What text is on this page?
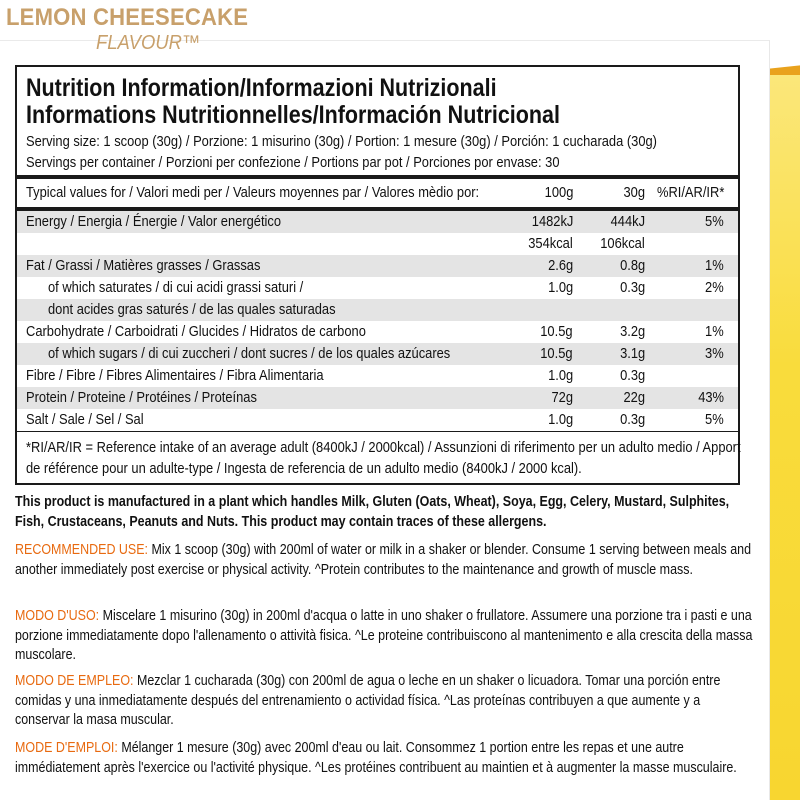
LEMON CHEESECAKE
FLAVOUR™
Nutrition Information/Informazioni Nutrizionali
Informations Nutritionnelles/Información Nutricional
Serving size: 1 scoop (30g) / Porzione: 1 misurino (30g) / Portion: 1 mesure (30g) / Porción: 1 cucharada (30g)
Servings per container / Porzioni per confezione / Portions par pot / Porciones por envase: 30
Typical values for / Valori medi per / Valeurs moyennes par / Valores mèdio por:	100g	30g %RI/AR/IR*
Energy / Energia / Énergie / Valor energético	1482kJ	444kJ	5%
354kcal 106kcal
Fat / Grassi / Matières grasses / Grassas	2.6g	0.8g	1%
of which saturates / di cui acidi grassi saturi /	1.0g	0.3g	2%
dont acides gras saturés / de las quales saturadas
Carbohydrate / Carboidrati / Glucides / Hidratos de carbono	10.5g	3.2g	1%
of which sugars / di cui zuccheri / dont sucres / de los quales azúcares	10.5g	3.1g	3%
Fibre / Fibre / Fibres Alimentaires / Fibra Alimentaria	1.0g	0.3g
Protein / Proteine / Protéines / Proteínas	72g	22g	43%
Salt / Sale / Sel / Sal	1.0g	0.3g	5%
*RI/AR/IR = Reference intake of an average adult (8400kJ / 2000kcal) / Assunzioni di riferimento per un adulto medio / Apport de référence pour un adulte-type / Ingesta de referencia de un adulto medio (8400kJ / 2000 kcal).
This product is manufactured in a plant which handles Milk, Gluten (Oats, Wheat), Soya, Egg, Celery, Mustard, Sulphites, Fish, Crustaceans, Peanuts and Nuts. This product may contain traces of these allergens.
RECOMMENDED USE: Mix 1 scoop (30g) with 200ml of water or milk in a shaker or blender. Consume 1 serving between meals and another immediately post exercise or physical activity. ^Protein contributes to the maintenance and growth of muscle mass.
MODO D'USO: Miscelare 1 misurino (30g) in 200ml d'acqua o latte in uno shaker o frullatore. Assumere una porzione tra i pasti e una porzione immediatamente dopo l'allenamento o attività fisica. ^Le proteine contribuiscono al mantenimento e alla crescita della massa muscolare.
MODO DE EMPLEO: Mezclar 1 cucharada (30g) con 200ml de agua o leche en un shaker o licuadora. Tomar una porción entre comidas y una inmediatamente después del entrenamiento o actividad física. ^Las proteínas contribuyen a que aumente y a conservar la masa muscular.
MODE D'EMPLOI: Mélanger 1 mesure (30g) avec 200ml d'eau ou lait. Consommez 1 portion entre les repas et une autre immédiatement après l'exercice ou l'activité physique. ^Les protéines contribuent au maintien et à augmenter la masse musculaire.
